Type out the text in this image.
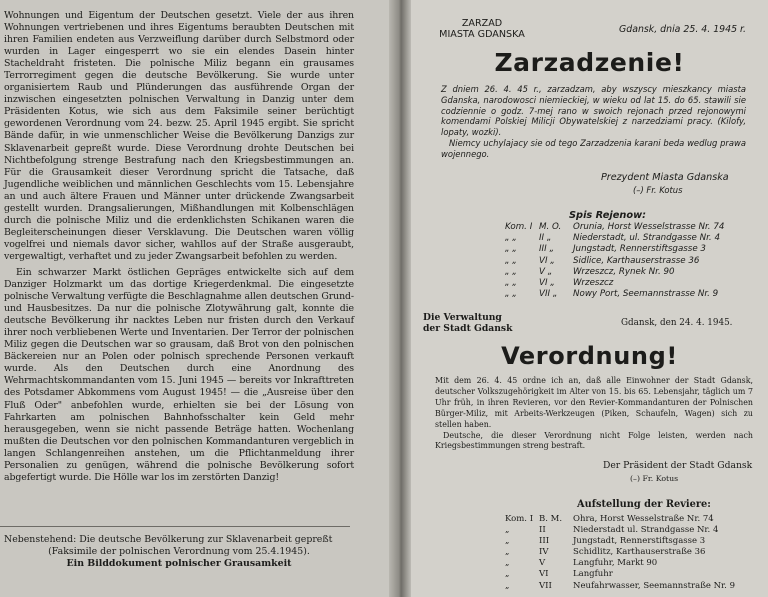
Wohnungen und Eigentum der Deutschen gesetzt. Viele der aus ihren Wohnungen vertriebenen und ihres Eigentums beraubten Deutschen mit ihren Familien endeten aus Verzweiflung darüber durch Selbstmord oder wurden in Lager eingesperrt wo sie ein elendes Dasein hinter Stacheldraht fristeten. Die polnische Miliz begann ein grausames Terrorregiment gegen die deutsche Bevölkerung. Sie wurde unter organisiertem Raub und Plünderungen das ausführende Organ der inzwischen eingesetzten polnischen Verwaltung in Danzig unter dem Präsidenten Kotus, wie sich aus dem Faksimile seiner berüchtigt gewordenen Verordnung vom 24. bezw. 25. April 1945 ergibt. Sie spricht Bände dafür, in wie unmenschlicher Weise die Bevölkerung Danzigs zur Sklavenarbeit gepreßt wurde. Diese Verordnung drohte Deutschen bei Nichtbefolgung strenge Bestrafung nach den Kriegsbestimmungen an. Für die Grausamkeit dieser Verordnung spricht die Tatsache, daß Jugendliche weiblichen und männlichen Geschlechts vom 15. Lebensjahre an und auch ältere Frauen und Männer unter drückende Zwangsarbeit gestellt wurden. Drangsalierungen, Mißhandlungen mit Kolbenschlägen durch die polnische Miliz und die erdenklichsten Schikanen waren die Begleiterscheinungen dieser Versklavung. Die Deutschen waren völlig vogelfrei und niemals davor sicher, wahllos auf der Straße ausgeraubt, vergewaltigt, verhaftet und zu jeder Zwangsarbeit befohlen zu werden.

Ein schwarzer Markt östlichen Gepräges entwickelte sich auf dem Danziger Holzmarkt um das dortige Kriegerdenkmal. Die eingesetzte polnische Verwaltung verfügte die Beschlagnahme allen deutschen Grund- und Hausbesitzes. Da nur die polnische Zlotywährung galt, konnte die deutsche Bevölkerung ihr nacktes Leben nur fristen durch den Verkauf ihrer noch verbliebenen Werte und Inventarien. Der Terror der polnischen Miliz gegen die Deutschen war so grausam, daß Brot von den polnischen Bäckereien nur an Polen oder polnisch sprechende Personen verkauft wurde. Als den Deutschen durch eine Anordnung des Wehrmachtskommandanten vom 15. Juni 1945 — bereits vor Inkrafttreten des Potsdamer Abkommens vom August 1945! — die „Ausreise über den Fluß Oder" anbefohlen wurde, erhielten sie bei der Lösung von Fahrkarten am polnischen Bahnhofsschalter kein Geld mehr herausgegeben, wenn sie nicht passende Beträge hatten. Wochenlang mußten die Deutschen vor den polnischen Kommandanturen vergeblich in langen Schlangenreihen anstehen, um die Pflichtanmeldung ihrer Personalien zu genügen, während die polnische Bevölkerung sofort abgefertigt wurde. Die Hölle war los im zerstörten Danzig!

Nebenstehend: Die deutsche Bevölkerung zur Sklavenarbeit gepreßt
(Faksimile der polnischen Verordnung vom 25.4.1945).
Ein Bilddokument polnischer Grausamkeit
ZARZAD
MIASTA GDANSKA	Gdansk, dnia 25. 4. 1945 r.
Zarzadzenie!

Z dniem 26. 4. 45 r., zarzadzam, aby wszyscy mieszkancy miasta Gdanska, narodowosci niemieckiej, w wieku od lat 15. do 65. stawili sie codziennie o godz. 7-mej rano w swoich rejonach przed rejonowymi komendami Polskiej Milicji Obywatelskiej z narzedziami pracy. (Kilofy, lopaty, wozki).

Niemcy uchylajacy sie od tego Zarzadzenia karani beda wedlug prawa wojennego.

Prezydent Miasta Gdanska
(–) Fr. Kotus
Spis Rejenow:
Kom. I	M. O.	Orunia, Horst Wesselstrasse Nr. 74
„ „	II „	Niederstadt, ul. Strandgasse Nr. 4
„ „	III „	Jungstadt, Rennerstiftsgasse 3
„ „	VI „	Sidlice, Karthauserstrasse 36
„ „	V „	Wrzeszcz, Rynek Nr. 90
„ „	VI „	Wrzeszcz
„ „	VII „	Nowy Port, Seemannstrasse Nr. 9
Die Verwaltung
der Stadt Gdansk	Gdansk, den 24. 4. 1945.
Verordnung!

Mit dem 26. 4. 45 ordne ich an, daß alle Einwohner der Stadt Gdansk, deutscher Volkszugehörigkeit im Alter von 15. bis 65. Lebensjahr, täglich um 7 Uhr früh, in ihren Revieren, vor den Revier-Kommandanturen der Polnischen Bürger-Miliz, mit Arbeits-Werkzeugen (Piken, Schaufeln, Wagen) sich zu stellen haben.

Deutsche, die dieser Verordnung nicht Folge leisten, werden nach Kriegsbestimmungen streng bestraft.

Der Präsident der Stadt Gdansk
(–) Fr. Kotus
Aufstellung der Reviere:
Kom. I	B. M.	Ohra, Horst Wesselstraße Nr. 74
„	II	Niederstadt ul. Strandgasse Nr. 4
„	III	Jungstadt, Rennerstiftsgasse 3
„	IV	Schidlitz, Karthauserstraße 36
„	V	Langfuhr, Markt 90
„	VI	Langfuhr
„	VII	Neufahrwasser, Seemannstraße Nr. 9
